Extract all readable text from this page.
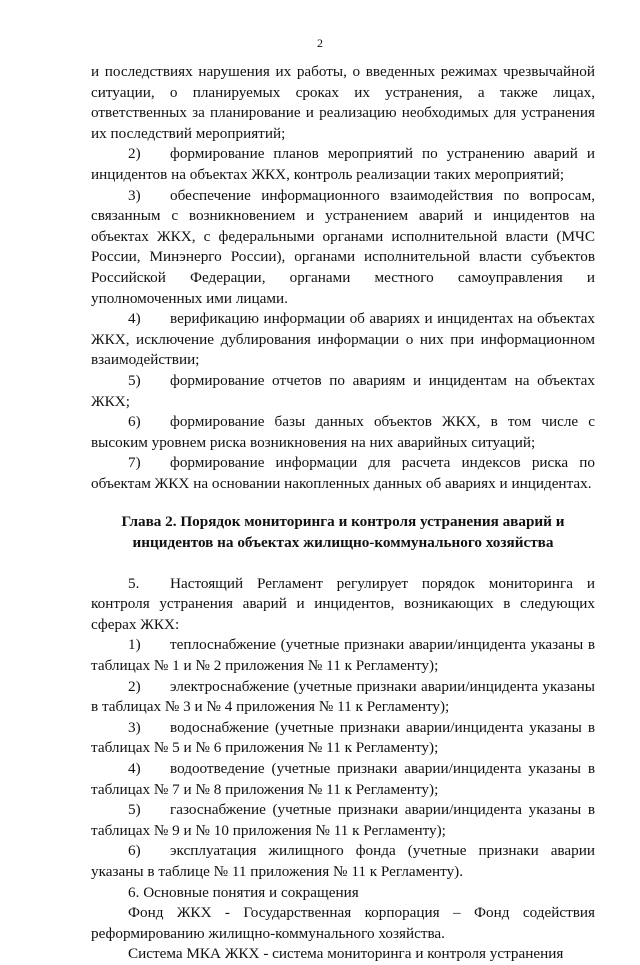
2

и последствиях нарушения их работы, о введенных режимах чрезвычайной ситуации, о планируемых сроках их устранения, а также лицах, ответственных за планирование и реализацию необходимых для устранения их последствий мероприятий;

2) формирование планов мероприятий по устранению аварий и инцидентов на объектах ЖКХ, контроль реализации таких мероприятий;

3) обеспечение информационного взаимодействия по вопросам, связанным с возникновением и устранением аварий и инцидентов на объектах ЖКХ, с федеральными органами исполнительной власти (МЧС России, Минэнерго России), органами исполнительной власти субъектов Российской Федерации, органами местного самоуправления и уполномоченных ими лицами.

4) верификацию информации об авариях и инцидентах на объектах ЖКХ, исключение дублирования информации о них при информационном взаимодействии;

5) формирование отчетов по авариям и инцидентам на объектах ЖКХ;

6) формирование базы данных объектов ЖКХ, в том числе с высоким уровнем риска возникновения на них аварийных ситуаций;

7) формирование информации для расчета индексов риска по объектам ЖКХ на основании накопленных данных об авариях и инцидентах.

Глава 2. Порядок мониторинга и контроля устранения аварий и
инцидентов на объектах жилищно-коммунального хозяйства

5. Настоящий Регламент регулирует порядок мониторинга и контроля устранения аварий и инцидентов, возникающих в следующих сферах ЖКХ:

1) теплоснабжение (учетные признаки аварии/инцидента указаны в таблицах № 1 и № 2 приложения № 11 к Регламенту);

2) электроснабжение (учетные признаки аварии/инцидента указаны в таблицах № 3 и № 4 приложения № 11 к Регламенту);

3) водоснабжение (учетные признаки аварии/инцидента указаны в таблицах № 5 и № 6 приложения № 11 к Регламенту);

4) водоотведение (учетные признаки аварии/инцидента указаны в таблицах № 7 и № 8 приложения № 11 к Регламенту);

5) газоснабжение (учетные признаки аварии/инцидента указаны в таблицах № 9 и № 10 приложения № 11 к Регламенту);

6) эксплуатация жилищного фонда (учетные признаки аварии указаны в таблице № 11 приложения № 11 к Регламенту).

6. Основные понятия и сокращения

Фонд ЖКХ - Государственная корпорация – Фонд содействия реформированию жилищно-коммунального хозяйства.

Система МКА ЖКХ - система мониторинга и контроля устранения
